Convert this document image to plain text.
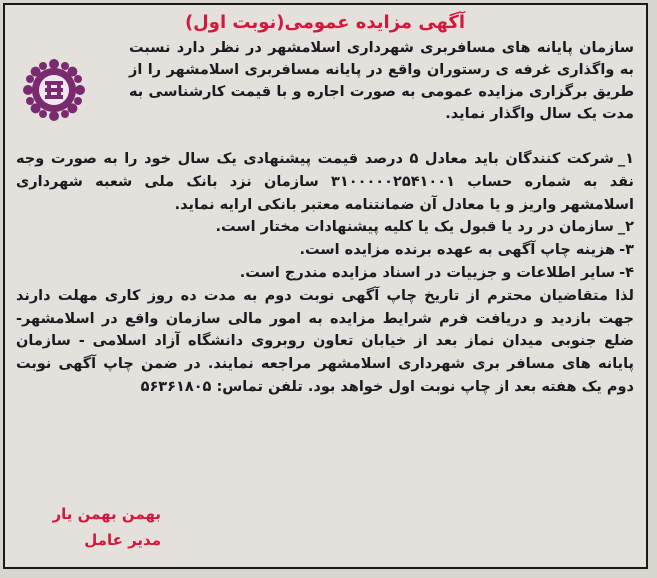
آگهی مزایده عمومی(نوبت اول)

سازمان پایانه های مسافربری شهرداری اسلامشهر در نظر دارد نسبت به واگذاری غرفه ی رستوران واقع در پایانه مسافربری اسلامشهر را از طریق برگزاری مزایده عمومی به صورت اجاره و با قیمت کارشناسی به مدت یک سال واگذار نماید.

۱_شرکت کنندگان باید معادل ۵ درصد قیمت پیشنهادی یک سال خود را به صورت وجه نقد به شماره حساب ۳۱۰۰۰۰۰۲۵۴۱۰۰۱ سازمان نزد بانک ملی شعبه شهرداری اسلامشهر واریز و یا معادل آن ضمانتنامه معتبر بانکی ارایه نماید.

۲_سازمان در رد یا قبول یک یا کلیه پیشنهادات مختار است.

۳-هزینه چاپ آگهی به عهده برنده مزایده است.

۴-سایر اطلاعات و جزییات در اسناد مزایده مندرج است.

لذا متقاضیان محترم از تاریخ چاپ آگهی نوبت دوم به مدت ده روز کاری مهلت دارند جهت بازدید و دریافت فرم شرایط مزایده به امور مالی سازمان واقع در اسلامشهر- ضلع جنوبی میدان نماز بعد از خیابان تعاون روبروی دانشگاه آزاد اسلامی - سازمان پایانه های مسافر بری شهرداری اسلامشهر مراجعه نمایند. در ضمن چاپ آگهی نوبت دوم یک هفته بعد از چاپ نوبت اول خواهد بود. تلفن تماس: ۵۶۳۶۱۸۰۵

بهمن بهمن یار
مدیر عامل
